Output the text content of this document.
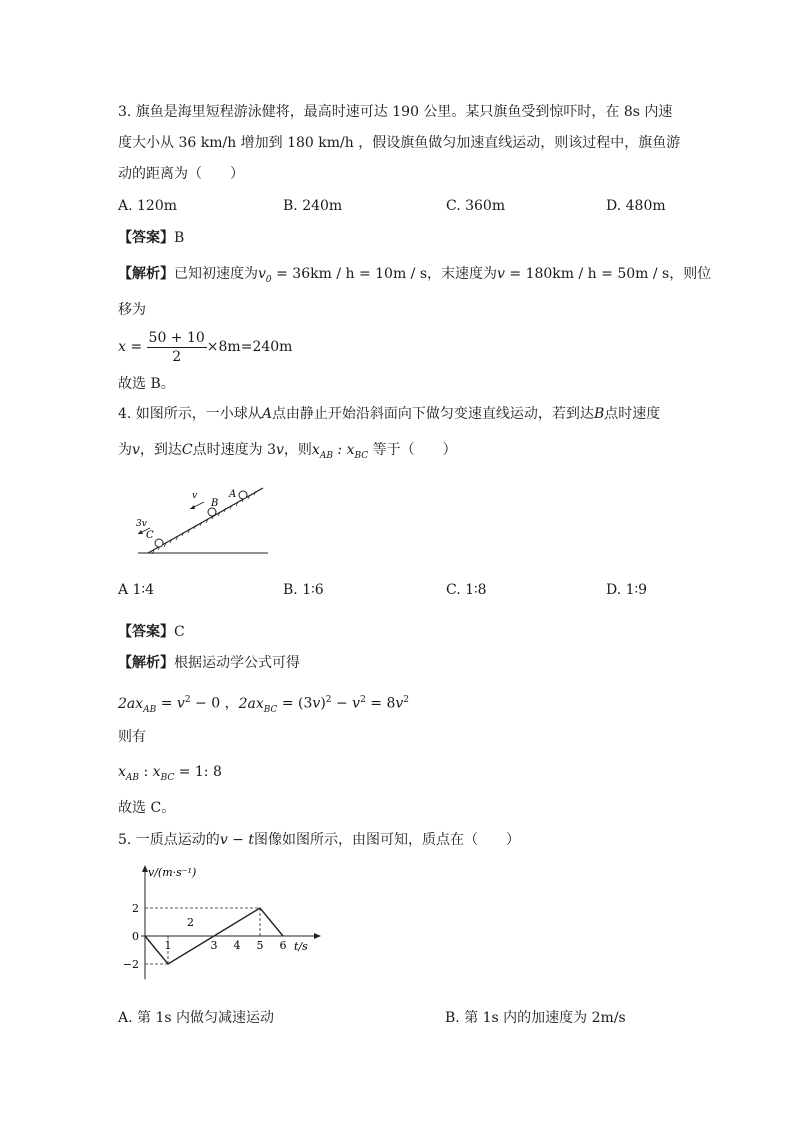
3. 旗鱼是海里短程游泳健将，最高时速可达 190 公里。某只旗鱼受到惊吓时，在 8s 内速
度大小从 36 km/h 增加到 180 km/h ，假设旗鱼做匀加速直线运动，则该过程中，旗鱼游
动的距离为（　　）
A. 120m	B. 240m	C. 360m	D. 480m
【答案】B
【解析】已知初速度为$v_0 = 36km / h = 10m / s$，末速度为v = 180km / h = 50m / s，则位
移为
$x = \frac{50 + 10}{2} \times 8m=240m$
故选 B。
4. 如图所示，一小球从A点由静止开始沿斜面向下做匀变速直线运动，若到达B点时速度
为v，到达C点时速度为 3v，则$x_{AB}$ : $x_{BC}$ 等于（　　）
A
B
C
v
3v
A 1∶4	B. 1∶6	C. 1∶8	D. 1∶9
【答案】C
【解析】根据运动学公式可得
$2ax_{AB} = v^2 - 0$ ，$2ax_{BC} = (3v)^2 - v^2 = 8v^2$
则有
$x_{AB}$ : $x_{BC} = 1$: 8
故选 C。
5. 一质点运动的v − t图像如图所示，由图可知，质点在（　　）
v/(m·s⁻¹)
t/s
2
0
−2
1	3 4 5 6
2
A. 第 1s 内做匀减速运动	B. 第 1s 内的加速度为 2m/s
